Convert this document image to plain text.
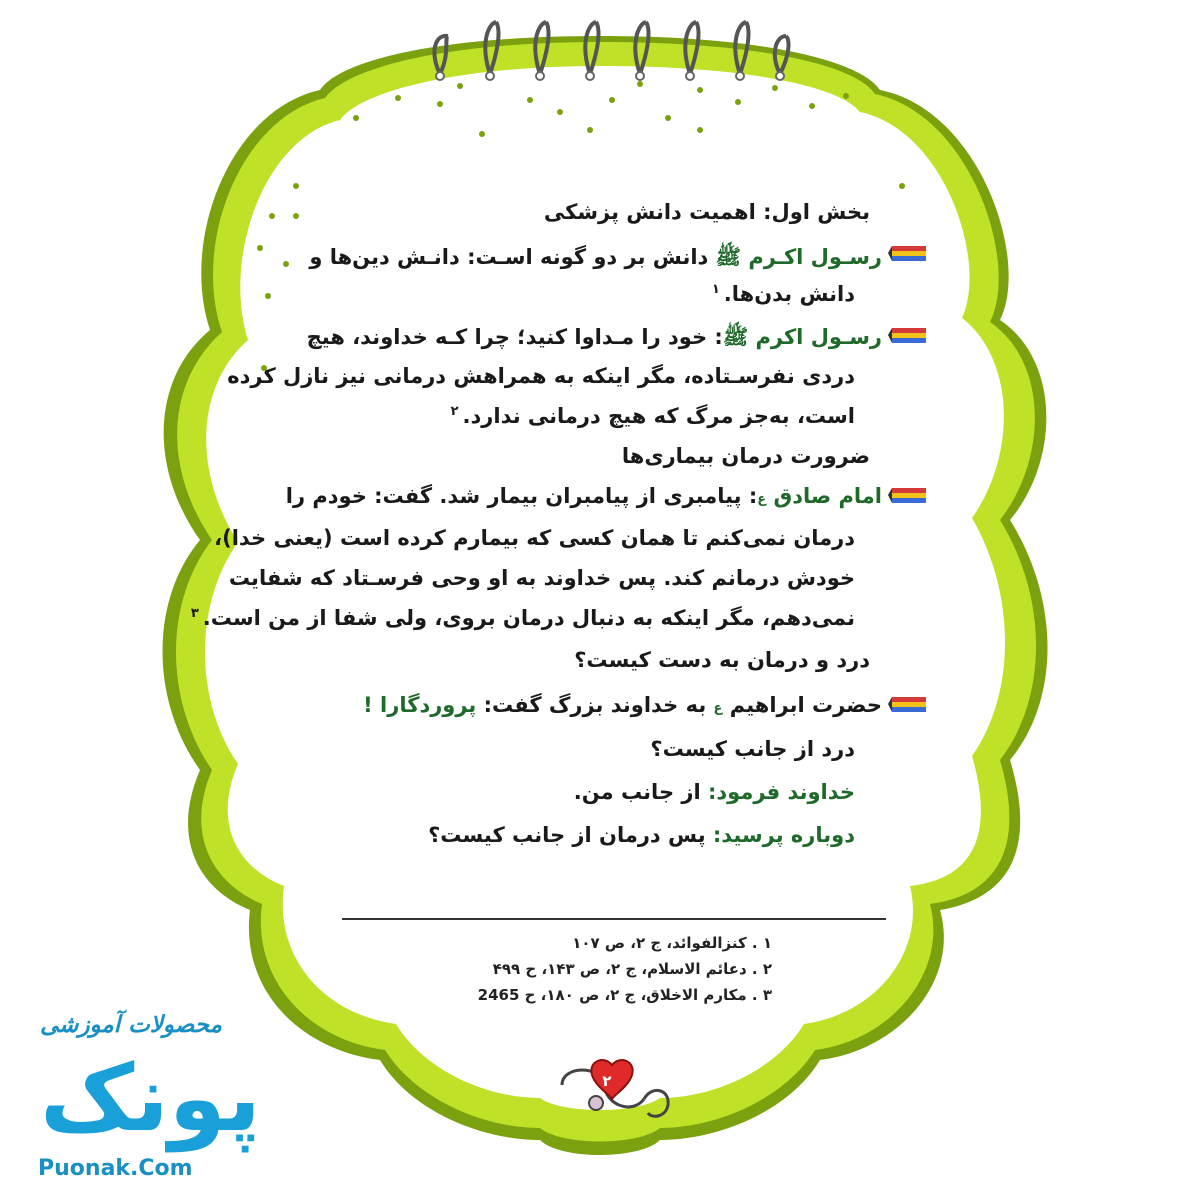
بخش اول: اهمیت دانش پزشکی
رسـول اکـرم ﷺ دانش بر دو گونه اسـت: دانـش دین‌ها و
دانش بدن‌ها.$^۱$
رسـول اکرم ﷺ: خود را مـداوا کنید؛ چرا کـه خداوند، هیچ
دردی نفرسـتاده، مگر اینکه به همراهش درمانی نیز نازل کرده
است، به‌جز مرگ که هیچ درمانی ندارد.$^۲$
ضرورت درمان بیماری‌ها
امام صادق ع: پیامبری از پیامبران بیمار شد. گفت: خودم را
درمان نمی‌کنم تا همان کسی که بیمارم کرده است (یعنی خدا)،
خودش درمانم کند. پس خداوند به او وحی فرسـتاد که شفایت
نمی‌دهم، مگر اینکه به دنبال درمان بروی، ولی شفا از من است.$^۳$
درد و درمان به دست کیست؟
حضرت ابراهیم ع به خداوند بزرگ گفت: پروردگارا !
درد از جانب کیست؟
خداوند فرمود: از جانب من.
دوباره پرسید: پس درمان از جانب کیست؟
۱ . کنزالفوائد، ج ۲، ص ۱۰۷
۲ . دعائم الاسلام، ج ۲، ص ۱۴۳، ح ۴۹۹
۳ . مکارم الاخلاق، ج ۲، ص ۱۸۰، ح 2465
۲
محصولات آموزشی
پونک
Puonak.Com
